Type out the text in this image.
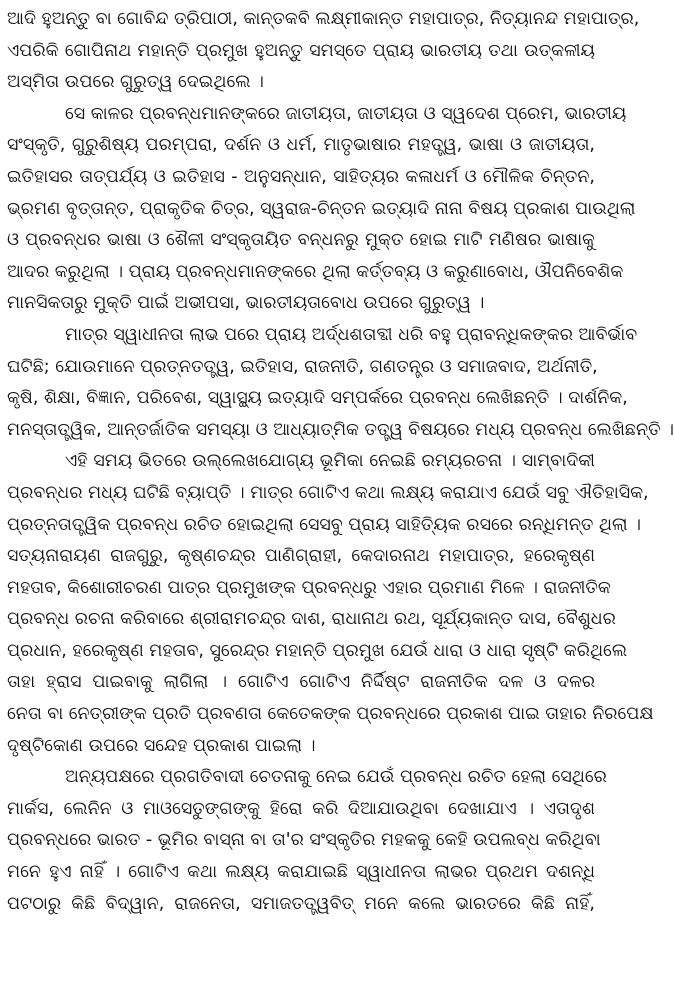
ଆଦି ହୁଅନ୍ତୁ ବା ଗୋବିନ୍ଦ ତ୍ରିପାଠୀ, କାନ୍ତକବି ଲକ୍ଷ୍ମୀକାନ୍ତ ମହାପାତ୍ର, ନିତ୍ୟାନନ୍ଦ ମହାପାତ୍ର,
ଏପରିକି ଗୋପିନାଥ ମହାନ୍ତି ପ୍ରମୁଖ ହୁଅନ୍ତୁ ସମସ୍ତେ ପ୍ରାୟ ଭାରତୀୟ ତଥା ଉତ୍କଳୀୟ
ଅସ୍ମିତା ଉପରେ ଗୁରୁତ୍ୱ ଦେଇଥିଲେ ।
ସେ କାଳର ପ୍ରବନ୍ଧମାନଙ୍କରେ ଜାତୀୟତା, ଜାତୀୟତା ଓ ସ୍ୱଦେଶ ପ୍ରେମ, ଭାରତୀୟ
ସଂସ୍କୃତି, ଗୁରୁଶିଷ୍ୟ ପରମ୍ପରା, ଦର୍ଶନ ଓ ଧର୍ମ, ମାତୃଭାଷାର ମହତ୍ତ୍ୱ, ଭାଷା ଓ ଜାତୀୟତା,
ଇତିହାସର ତାତ୍ପର୍ଯ୍ୟ ଓ ଇତିହାସ - ଅନୁସନ୍ଧାନ, ସାହିତ୍ୟର କଳାଧର୍ମ ଓ ମୌଳିକ ଚିନ୍ତନ,
ଭ୍ରମଣ ବୃତ୍ତାନ୍ତ, ପ୍ରାକୃତିକ ଚିତ୍ର, ସ୍ୱରାଜ-ଚିନ୍ତନ ଇତ୍ୟାଦି ନାନା ବିଷୟ ପ୍ରକାଶ ପାଉଥିଲା
ଓ ପ୍ରବନ୍ଧର ଭାଷା ଓ ଶୈଳୀ ସଂସ୍କୃତାୟିତ ବନ୍ଧନରୁ ମୁକ୍ତ ହୋଇ ମାଟି ମଣିଷର ଭାଷାକୁ
ଆଦର କରୁଥିଲା । ପ୍ରାୟ ପ୍ରବନ୍ଧମାନଙ୍କରେ ଥିଲା କର୍ତ୍ତବ୍ୟ ଓ କରୁଣାବୋଧ, ଔପନିବେଶିକ
ମାନସିକତାରୁ ମୁକ୍ତି ପାଇଁ ଅଭୀପସା, ଭାରତୀୟତାବୋଧ ଉପରେ ଗୁରୁତ୍ୱ ।
ମାତ୍ର ସ୍ୱାଧୀନତା ଲାଭ ପରେ ପ୍ରାୟ ଅର୍ଦ୍ଧଶତାବ୍ଦୀ ଧରି ବହୁ ପ୍ରାବନ୍ଧିକଙ୍କର ଆବିର୍ଭାବ
ଘଟିଛି; ଯୋଉମାନେ ପ୍ରତ୍ନତତ୍ତ୍ୱ, ଇତିହାସ, ରାଜନୀତି, ଗଣତନ୍ତ୍ର ଓ ସମାଜବାଦ, ଅର୍ଥନୀତି,
କୃଷି, ଶିକ୍ଷା, ବିଜ୍ଞାନ, ପରିବେଶ, ସ୍ୱାସ୍ଥ୍ୟ ଇତ୍ୟାଦି ସମ୍ପର୍କରେ ପ୍ରବନ୍ଧ ଲେଖିଛନ୍ତି । ଦାର୍ଶନିକ,
ମନସ୍ତାତ୍ତ୍ୱିକ, ଆନ୍ତର୍ଜାତିକ ସମସ୍ୟା ଓ ଆଧ୍ୟାତ୍ମିକ ତତ୍ତ୍ୱ ବିଷୟରେ ମଧ୍ୟ ପ୍ରବନ୍ଧ ଲେଖିଛନ୍ତି ।
ଏହି ସମୟ ଭିତରେ ଉଲ୍ଲେଖଯୋଗ୍ୟ ଭୂମିକା ନେଇଛି ରମ୍ୟରଚନା । ସାମ୍ବାଦିକୀ
ପ୍ରବନ୍ଧର ମଧ୍ୟ ଘଟିଛି ବ୍ୟାପ୍ତି । ମାତ୍ର ଗୋଟିଏ କଥା ଲକ୍ଷ୍ୟ କରାଯାଏ ଯେଉଁ ସବୁ ଐତିହାସିକ,
ପ୍ରତ୍ନତାତ୍ତ୍ୱିକ ପ୍ରବନ୍ଧ ରଚିତ ହୋଇଥିଲା ସେସବୁ ପ୍ରାୟ ସାହିତ୍ୟିକ ରସରେ ରନ୍ଧିମନ୍ତ ଥିଲା ।
ସତ୍ୟନାରାୟଣ ରାଜଗୁରୁ, କୃଷ୍ଣଚନ୍ଦ୍ର ପାଣିଗ୍ରାହୀ, କେଦାରନାଥ ମହାପାତ୍ର, ହରେକୃଷ୍ଣ
ମହତାବ, କିଶୋରୀଚରଣ ପାତ୍ର ପ୍ରମୁଖଙ୍କ ପ୍ରବନ୍ଧରୁ ଏହାର ପ୍ରମାଣ ମିଳେ । ରାଜନୀତିକ
ପ୍ରବନ୍ଧ ରଚନା କରିବାରେ ଶ୍ରୀରାମଚନ୍ଦ୍ର ଦାଶ, ରାଧାନାଥ ରଥ, ସୂର୍ଯ୍ୟକାନ୍ତ ଦାସ, ବୈଶୁଧର
ପ୍ରଧାନ, ହରେକୃଷ୍ଣ ମହତାବ, ସୁରେନ୍ଦ୍ର ମହାନ୍ତି ପ୍ରମୁଖ ଯେଉଁ ଧାରା ଓ ଧାରା ସୃଷ୍ଟି କରିଥିଲେ
ତାହା ହ୍ରାସ ପାଇବାକୁ ଲାଗିଲା । ଗୋଟିଏ ଗୋଟିଏ ନିର୍ଦ୍ଦିଷ୍ଟ ରାଜନୀତିକ ଦଳ ଓ ଦଳର
ନେତା ବା ନେତ୍ରୀଙ୍କ ପ୍ରତି ପ୍ରବଣତା କେତେକଙ୍କ ପ୍ରବନ୍ଧରେ ପ୍ରକାଶ ପାଇ ତାହାର ନିରପେକ୍ଷ
ଦୃଷ୍ଟିକୋଣ ଉପରେ ସନ୍ଦେହ ପ୍ରକାଶ ପାଇଲା ।
ଅନ୍ୟପକ୍ଷରେ ପ୍ରଗତିବାଦୀ ଚେତନାକୁ ନେଇ ଯେଉଁ ପ୍ରବନ୍ଧ ରଚିତ ହେଲା ସେଥିରେ
ମାର୍କସ, ଲେନିନ ଓ ମାଓସେତୁଙ୍ଗଙ୍କୁ ହିରୋ କରି ଦିଆଯାଉଥିବା ଦେଖାଯାଏ । ଏତାଦୃଶ
ପ୍ରବନ୍ଧରେ ଭାରତ - ଭୂମିର ବାସ୍ନା ବା ତା'ର ସଂସ୍କୃତିର ମହକକୁ କେହି ଉପଲବ୍ଧ କରିଥିବା
ମନେ ହୁଏ ନାହିଁ । ଗୋଟିଏ କଥା ଲକ୍ଷ୍ୟ କରାଯାଇଛି ସ୍ୱାଧୀନତା ଲାଭର ପ୍ରଥମ ଦଶନ୍ଧି
ପଟଠାରୁ କିଛି ବିଦ୍ୱାନ, ରାଜନେତା, ସମାଜତତ୍ତ୍ୱବିତ୍ ମନେ କଲେ ଭାରତରେ କିଛି ନାହିଁ,
